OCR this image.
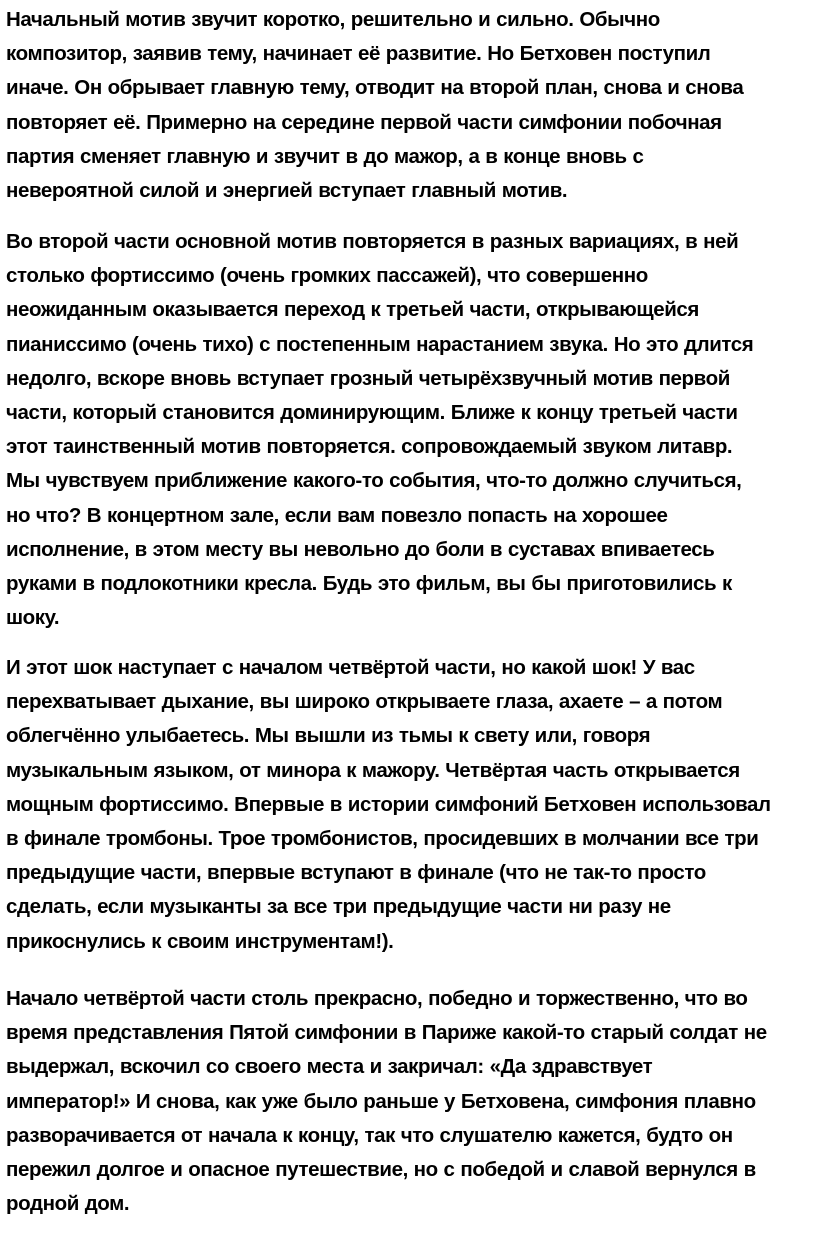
Начальный мотив звучит коротко, решительно и сильно. Обычно
композитор, заявив тему, начинает её развитие. Но Бетховен поступил
иначе. Он обрывает главную тему, отводит на второй план, снова и снова
повторяет её. Примерно на середине первой части симфонии побочная
партия сменяет главную и звучит в до мажор, а в конце вновь с
невероятной силой и энергией вступает главный мотив.

Во второй части основной мотив повторяется в разных вариациях, в ней
столько фортиссимо (очень громких пассажей), что совершенно
неожиданным оказывается переход к третьей части, открывающейся
пианиссимо (очень тихо) с постепенным нарастанием звука. Но это длится
недолго, вскоре вновь вступает грозный четырёхзвучный мотив первой
части, который становится доминирующим. Ближе к концу третьей части
этот таинственный мотив повторяется. сопровождаемый звуком литавр.
Мы чувствуем приближение какого-то события, что-то должно случиться,
но что? В концертном зале, если вам повезло попасть на хорошее
исполнение, в этом месту вы невольно до боли в суставах впиваетесь
руками в подлокотники кресла. Будь это фильм, вы бы приготовились к
шоку.

И этот шок наступает с началом четвёртой части, но какой шок! У вас
перехватывает дыхание, вы широко открываете глаза, ахаете – а потом
облегчённо улыбаетесь. Мы вышли из тьмы к свету или, говоря
музыкальным языком, от минора к мажору. Четвёртая часть открывается
мощным фортиссимо. Впервые в истории симфоний Бетховен использовал
в финале тромбоны. Трое тромбонистов, просидевших в молчании все три
предыдущие части, впервые вступают в финале (что не так-то просто
сделать, если музыканты за все три предыдущие части ни разу не
прикоснулись к своим инструментам!).

Начало четвёртой части столь прекрасно, победно и торжественно, что во
время представления Пятой симфонии в Париже какой-то старый солдат не
выдержал, вскочил со своего места и закричал: «Да здравствует
император!» И снова, как уже было раньше у Бетховена, симфония плавно
разворачивается от начала к концу, так что слушателю кажется, будто он
пережил долгое и опасное путешествие, но с победой и славой вернулся в
родной дом.
